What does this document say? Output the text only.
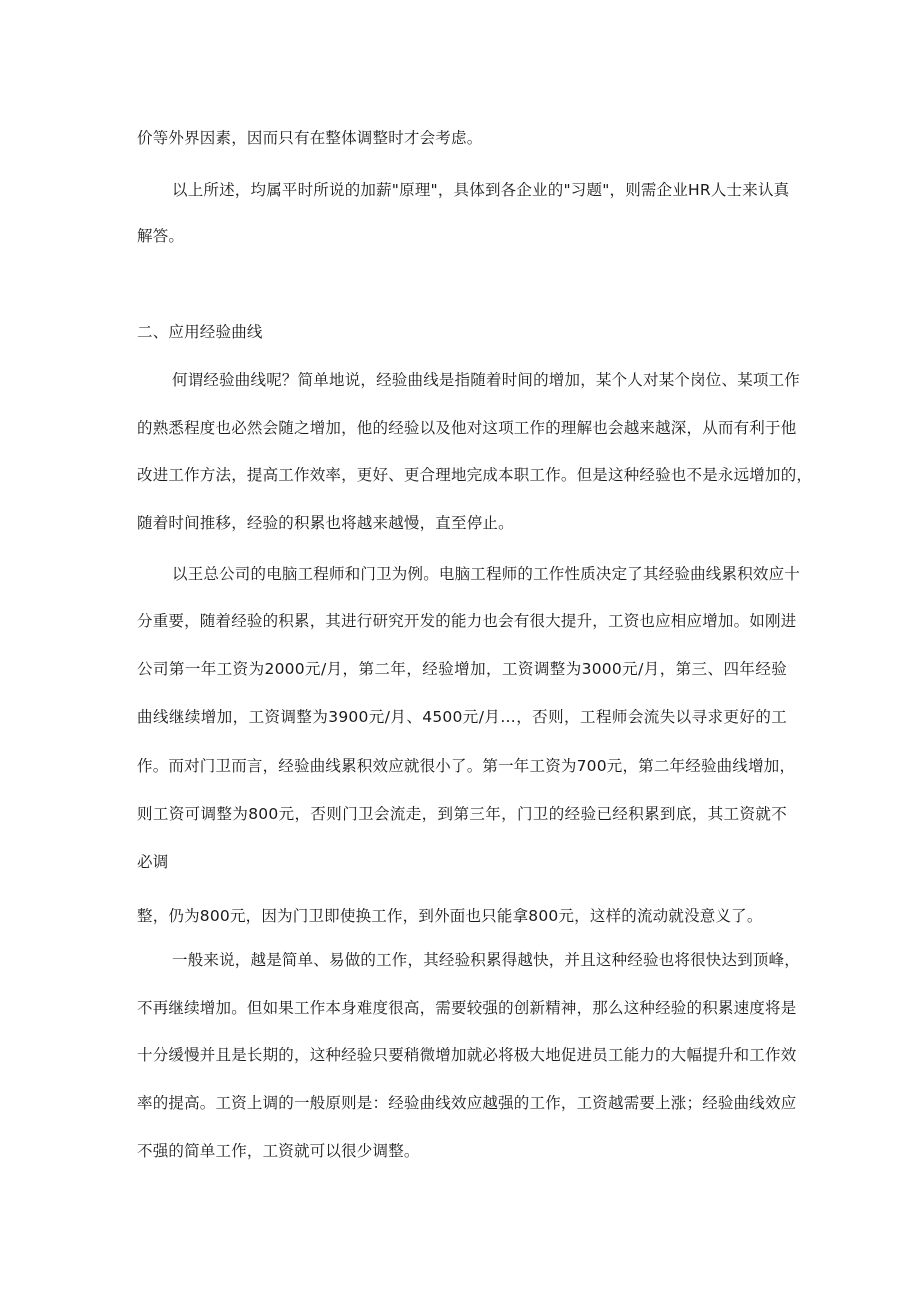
价等外界因素，因而只有在整体调整时才会考虑。
以上所述，均属平时所说的加薪"原理"，具体到各企业的"习题"，则需企业HR人士来认真
解答。
二、应用经验曲线
何谓经验曲线呢？简单地说，经验曲线是指随着时间的增加，某个人对某个岗位、某项工作
的熟悉程度也必然会随之增加，他的经验以及他对这项工作的理解也会越来越深，从而有利于他
改进工作方法，提高工作效率，更好、更合理地完成本职工作。但是这种经验也不是永远增加的，
随着时间推移，经验的积累也将越来越慢，直至停止。
以王总公司的电脑工程师和门卫为例。电脑工程师的工作性质决定了其经验曲线累积效应十
分重要，随着经验的积累，其进行研究开发的能力也会有很大提升，工资也应相应增加。如刚进
公司第一年工资为2000元/月，第二年，经验增加，工资调整为3000元/月，第三、四年经验
曲线继续增加，工资调整为3900元/月、4500元/月…，否则，工程师会流失以寻求更好的工
作。而对门卫而言，经验曲线累积效应就很小了。第一年工资为700元，第二年经验曲线增加，
则工资可调整为800元，否则门卫会流走，到第三年，门卫的经验已经积累到底，其工资就不
必调
整，仍为800元，因为门卫即使换工作，到外面也只能拿800元，这样的流动就没意义了。
一般来说，越是简单、易做的工作，其经验积累得越快，并且这种经验也将很快达到顶峰，
不再继续增加。但如果工作本身难度很高，需要较强的创新精神，那么这种经验的积累速度将是
十分缓慢并且是长期的，这种经验只要稍微增加就必将极大地促进员工能力的大幅提升和工作效
率的提高。工资上调的一般原则是：经验曲线效应越强的工作，工资越需要上涨；经验曲线效应
不强的简单工作，工资就可以很少调整。
